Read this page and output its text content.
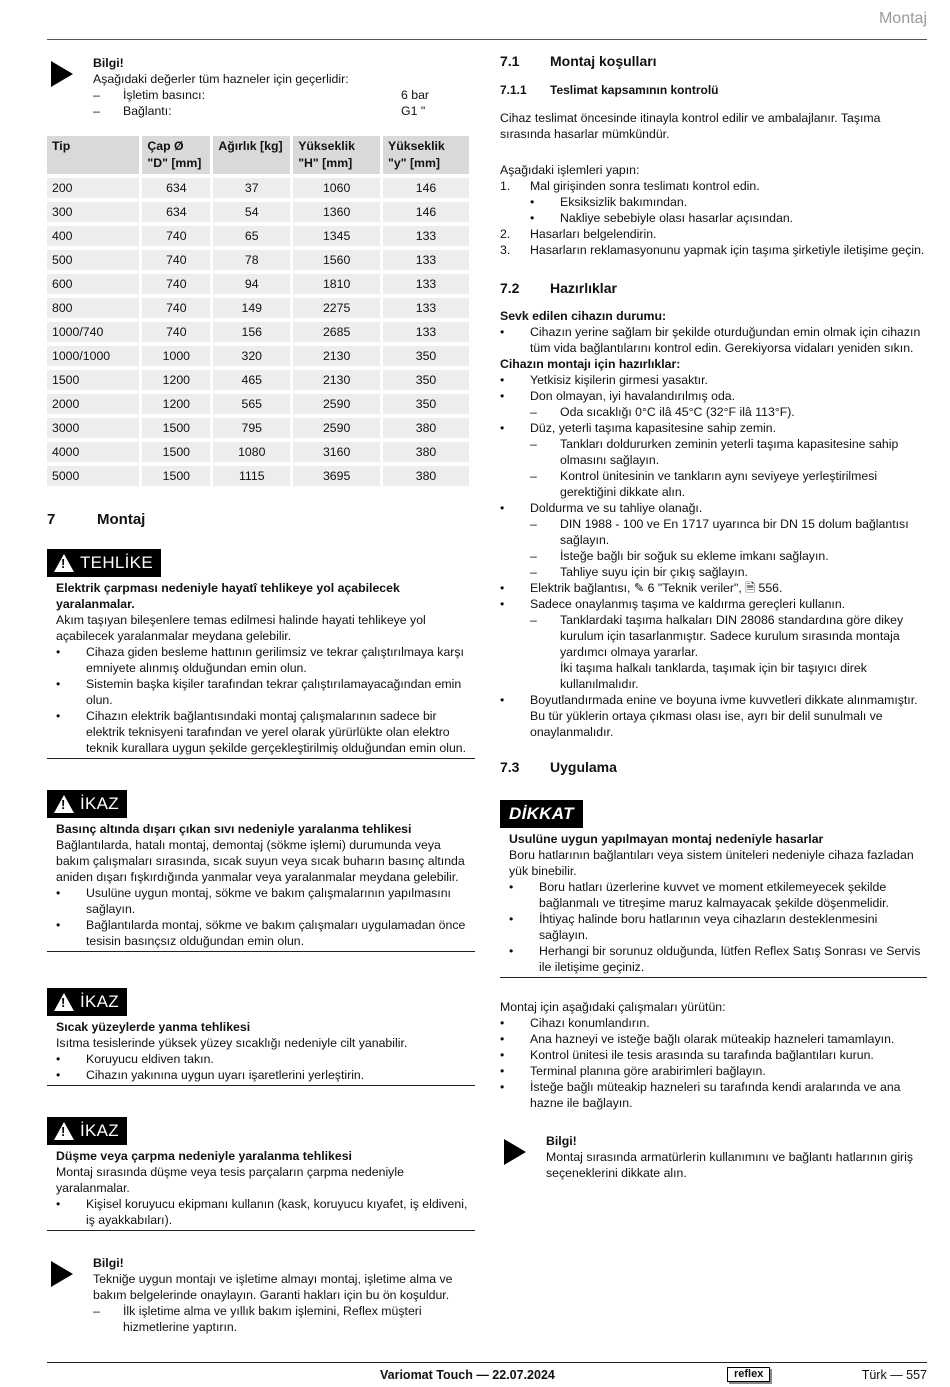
Montaj
Bilgi!
Aşağıdaki değerler tüm hazneler için geçerlidir:
– İşletim basıncı:	6 bar
– Bağlantı:	G1 "
Tip	Çap Ø "D" [mm]	Ağırlık [kg]	Yükseklik "H" [mm]	Yükseklik "y" [mm]
200	634	37	1060	146
300	634	54	1360	146
400	740	65	1345	133
500	740	78	1560	133
600	740	94	1810	133
800	740	149	2275	133
1000/740	740	156	2685	133
1000/1000	1000	320	2130	350
1500	1200	465	2130	350
2000	1200	565	2590	350
3000	1500	795	2590	380
4000	1500	1080	3160	380
5000	1500	1115	3695	380
7	Montaj
!
TEHLİKE
Elektrik çarpması nedeniyle hayatî tehlikeye yol açabilecek yaralanmalar.
Akım taşıyan bileşenlere temas edilmesi halinde hayati tehlikeye yol açabilecek yaralanmalar meydana gelebilir.
• Cihaza giden besleme hattının gerilimsiz ve tekrar çalıştırılmaya karşı emniyete alınmış olduğundan emin olun.
• Sistemin başka kişiler tarafından tekrar çalıştırılamayacağından emin olun.
• Cihazın elektrik bağlantısındaki montaj çalışmalarının sadece bir elektrik teknisyeni tarafından ve yerel olarak yürürlükte olan elektro teknik kurallara uygun şekilde gerçekleştirilmiş olduğundan emin olun.
!
İKAZ
Basınç altında dışarı çıkan sıvı nedeniyle yaralanma tehlikesi
Bağlantılarda, hatalı montaj, demontaj (sökme işlemi) durumunda veya bakım çalışmaları sırasında, sıcak suyun veya sıcak buharın basınç altında aniden dışarı fışkırdığında yanmalar veya yaralanmalar meydana gelebilir.
• Usulüne uygun montaj, sökme ve bakım çalışmalarının yapılmasını sağlayın.
• Bağlantılarda montaj, sökme ve bakım çalışmaları uygulamadan önce tesisin basınçsız olduğundan emin olun.
!
İKAZ
Sıcak yüzeylerde yanma tehlikesi
Isıtma tesislerinde yüksek yüzey sıcaklığı nedeniyle cilt yanabilir.
• Koruyucu eldiven takın.
• Cihazın yakınına uygun uyarı işaretlerini yerleştirin.
!
İKAZ
Düşme veya çarpma nedeniyle yaralanma tehlikesi
Montaj sırasında düşme veya tesis parçaların çarpma nedeniyle yaralanmalar.
• Kişisel koruyucu ekipmanı kullanın (kask, koruyucu kıyafet, iş eldiveni, iş ayakkabıları).
Bilgi!
Tekniğe uygun montajı ve işletime almayı montaj, işletime alma ve bakım belgelerinde onaylayın. Garanti hakları için bu ön koşuldur.
– İlk işletime alma ve yıllık bakım işlemini, Reflex müşteri hizmetlerine yaptırın.
7.1 Montaj koşulları
7.1.1 Teslimat kapsamının kontrolü

Cihaz teslimat öncesinde itinayla kontrol edilir ve ambalajlanır. Taşıma sırasında hasarlar mümkündür.

Aşağıdaki işlemleri yapın:

1. Mal girişinden sonra teslimatı kontrol edin.
• Eksiksizlik bakımından.
• Nakliye sebebiyle olası hasarlar açısından.
2. Hasarları belgelendirin.
3. Hasarların reklamasyonunu yapmak için taşıma şirketiyle iletişime geçin.
7.2 Hazırlıklar
Sevk edilen cihazın durumu:
• Cihazın yerine sağlam bir şekilde oturduğundan emin olmak için cihazın tüm vida bağlantılarını kontrol edin. Gerekiyorsa vidaları yeniden sıkın.
Cihazın montajı için hazırlıklar:
• Yetkisiz kişilerin girmesi yasaktır.
• Don olmayan, iyi havalandırılmış oda.
– Oda sıcaklığı 0°C ilâ 45°C (32°F ilâ 113°F).
• Düz, yeterli taşıma kapasitesine sahip zemin.
– Tankları doldururken zeminin yeterli taşıma kapasitesine sahip olmasını sağlayın.
– Kontrol ünitesinin ve tankların aynı seviyeye yerleştirilmesi gerektiğini dikkate alın.
• Doldurma ve su tahliye olanağı.
– DIN 1988 - 100 ve En 1717 uyarınca bir DN 15 dolum bağlantısı sağlayın.
– İsteğe bağlı bir soğuk su ekleme imkanı sağlayın.
– Tahliye suyu için bir çıkış sağlayın.
• Elektrik bağlantısı, ✎ 6 "Teknik veriler", 🗎 556.
• Sadece onaylanmış taşıma ve kaldırma gereçleri kullanın.
– Tanklardaki taşıma halkaları DIN 28086 standardına göre dikey kurulum için tasarlanmıştır. Sadece kurulum sırasında montaja yardımcı olmaya yararlar.
İki taşıma halkalı tanklarda, taşımak için bir taşıyıcı direk kullanılmalıdır.
• Boyutlandırmada enine ve boyuna ivme kuvvetleri dikkate alınmamıştır. Bu tür yüklerin ortaya çıkması olası ise, ayrı bir delil sunulmalı ve onaylanmalıdır.
7.3 Uygulama
DİKKAT
Usulüne uygun yapılmayan montaj nedeniyle hasarlar
Boru hatlarının bağlantıları veya sistem üniteleri nedeniyle cihaza fazladan yük binebilir.
• Boru hatları üzerlerine kuvvet ve moment etkilemeyecek şekilde bağlanmalı ve titreşime maruz kalmayacak şekilde döşenmelidir.
• İhtiyaç halinde boru hatlarının veya cihazların desteklenmesini sağlayın.
• Herhangi bir sorunuz olduğunda, lütfen Reflex Satış Sonrası ve Servis ile iletişime geçiniz.

Montaj için aşağıdaki çalışmaları yürütün:

• Cihazı konumlandırın.
• Ana hazneyi ve isteğe bağlı olarak müteakip hazneleri tamamlayın.
• Kontrol ünitesi ile tesis arasında su tarafında bağlantıları kurun.
• Terminal planına göre arabirimleri bağlayın.
• İsteğe bağlı müteakip hazneleri su tarafında kendi aralarında ve ana hazne ile bağlayın.
Bilgi!
Montaj sırasında armatürlerin kullanımını ve bağlantı hatlarının giriş seçeneklerini dikkate alın.
Variomat Touch — 22.07.2024	reflex	Türk — 557
